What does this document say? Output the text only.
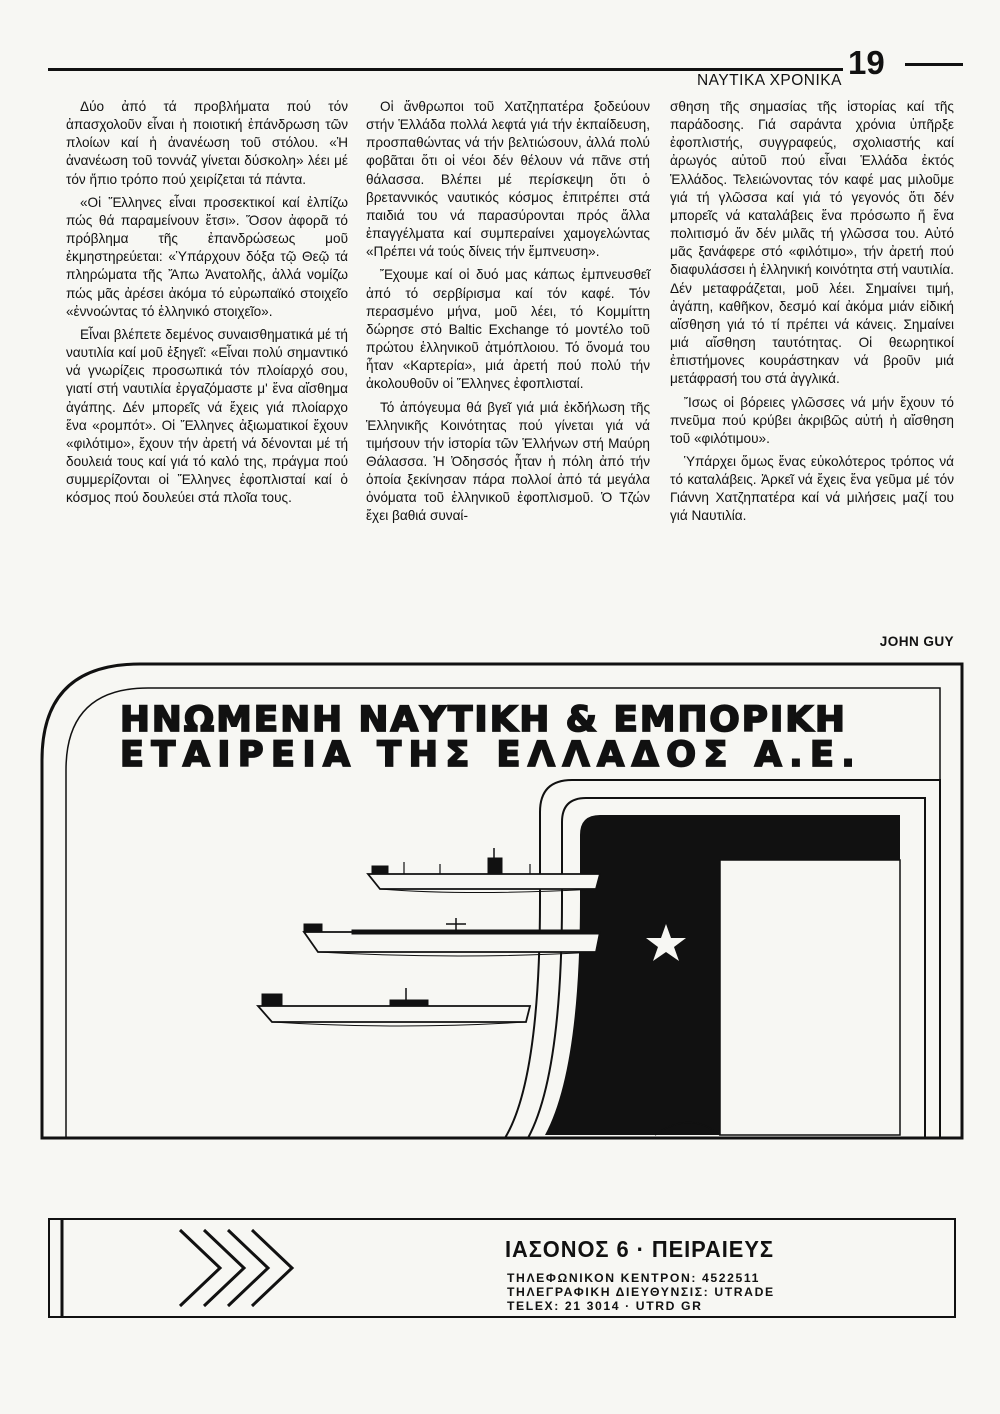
ΝΑΥΤΙΚΑ ΧΡΟΝΙΚΑ 19

Δύο ἀπό τά προβλήματα πού τόν ἀπασχολοῦν εἶναι ἡ ποιοτική ἐπάνδρωση τῶν πλοίων καί ἡ ἀνανέωση τοῦ στόλου. «Ἡ ἀνανέωση τοῦ τοννάζ γίνεται δύσκολη» λέει μέ τόν ἤπιο τρόπο πού χειρίζεται τά πάντα.

«Οἱ Ἕλληνες εἶναι προσεκτικοί καί ἐλπίζω πώς θά παραμείνουν ἔτσι». Ὅσον ἀφορᾶ τό πρόβλημα τῆς ἐπανδρώσεως μοῦ ἐκμηστηρεύεται: «Ὑπάρχουν δόξα τῷ Θεῷ τά πληρώματα τῆς Ἄπω Ἀνατολῆς, ἀλλά νομίζω πώς μᾶς ἀρέσει ἀκόμα τό εὐρωπαϊκό στοιχεῖο «ἐννοώντας τό ἑλληνικό στοιχεῖο».

Εἶναι βλέπετε δεμένος συναισθηματικά μέ τή ναυτιλία καί μοῦ ἐξηγεῖ: «Εἶναι πολύ σημαντικό νά γνωρίζεις προσωπικά τόν πλοίαρχό σου, γιατί στή ναυτιλία ἐργαζόμαστε μ' ἕνα αἴσθημα ἀγάπης. Δέν μπορεῖς νά ἔχεις γιά πλοίαρχο ἕνα «ρομπότ». Οἱ Ἕλληνες ἀξιωματικοί ἔχουν «φιλότιμο», ἔχουν τήν ἀρετή νά δένονται μέ τή δουλειά τους καί γιά τό καλό της, πράγμα πού συμμερίζονται οἱ Ἕλληνες ἐφοπλισταί καί ὁ κόσμος πού δουλεύει στά πλοῖα τους.

Οἱ ἄνθρωποι τοῦ Χατζηπατέρα ξοδεύουν στήν Ἑλλάδα πολλά λεφτά γιά τήν ἐκπαίδευση, προσπαθώντας νά τήν βελτιώσουν, ἀλλά πολύ φοβᾶται ὅτι οἱ νέοι δέν θέλουν νά πᾶνε στή θάλασσα. Βλέπει μέ περίσκεψη ὅτι ὁ βρεταννικός ναυτικός κόσμος ἐπιτρέπει στά παιδιά του νά παρασύρονται πρός ἄλλα ἐπαγγέλματα καί συμπεραίνει χαμογελώντας «Πρέπει νά τούς δίνεις τήν ἔμπνευση».

Ἔχουμε καί οἱ δυό μας κάπως ἐμπνευσθεῖ ἀπό τό σερβίρισμα καί τόν καφέ. Τόν περασμένο μήνα, μοῦ λέει, τό Κομμίττη δώρησε στό Baltic Exchange τό μοντέλο τοῦ πρώτου ἑλληνικοῦ ἀτμόπλοιου. Τό ὄνομά του ἦταν «Καρτερία», μιά ἀρετή πού πολύ τήν ἀκολουθοῦν οἱ Ἕλληνες ἐφοπλισταί.

Τό ἀπόγευμα θά βγεῖ γιά μιά ἐκδήλωση τῆς Ἑλληνικῆς Κοινότητας πού γίνεται γιά νά τιμήσουν τήν ἱστορία τῶν Ἑλλήνων στή Μαύρη Θάλασσα. Ἡ Ὀδησσός ἦταν ἡ πόλη ἀπό τήν ὁποία ξεκίνησαν πάρα πολλοί ἀπό τά μεγάλα ὀνόματα τοῦ ἑλληνικοῦ ἐφοπλισμοῦ. Ὁ Τζών ἔχει βαθιά συναί-

σθηση τῆς σημασίας τῆς ἱστορίας καί τῆς παράδοσης. Γιά σαράντα χρόνια ὑπῆρξε ἐφοπλιστής, συγγραφεύς, σχολιαστής καί ἀρωγός αὐτοῦ πού εἶναι Ἑλλάδα ἐκτός Ἑλλάδος. Τελειώνοντας τόν καφέ μας μιλοῦμε γιά τή γλῶσσα καί γιά τό γεγονός ὅτι δέν μπορεῖς νά καταλάβεις ἕνα πρόσωπο ἤ ἕνα πολιτισμό ἄν δέν μιλᾶς τή γλῶσσα του. Αὐτό μᾶς ξανάφερε στό «φιλότιμο», τήν ἀρετή πού διαφυλάσσει ἡ ἑλληνική κοινότητα στή ναυτιλία. Δέν μεταφράζεται, μοῦ λέει. Σημαίνει τιμή, ἀγάπη, καθῆκον, δεσμό καί ἀκόμα μιάν εἰδική αἴσθηση γιά τό τί πρέπει νά κάνεις. Σημαίνει μιά αἴσθηση ταυτότητας. Οἱ θεωρητικοί ἐπιστήμονες κουράστηκαν νά βροῦν μιά μετάφρασή του στά ἀγγλικά.

Ἴσως οἱ βόρειες γλῶσσες νά μήν ἔχουν τό πνεῦμα πού κρύβει ἀκριβῶς αὐτή ἡ αἴσθηση τοῦ «φιλότιμου».

Ὑπάρχει ὅμως ἕνας εὐκολότερος τρόπος νά τό καταλάβεις. Ἀρκεῖ νά ἔχεις ἕνα γεῦμα μέ τόν Γιάννη Χατζηπατέρα καί νά μιλήσεις μαζί του γιά Ναυτιλία.

JOHN GUY
ΗΝΩΜΕΝΗ ΝΑΥΤΙΚΗ & ΕΜΠΟΡΙΚΗ
ΕΤΑΙΡΕΙΑ ΤΗΣ ΕΛΛΑΔΟΣ Α.Ε.
ΙΑΣΟΝΟΣ 6 · ΠΕΙΡΑΙΕΥΣ
ΤΗΛΕΦΩΝΙΚΟΝ ΚΕΝΤΡΟΝ: 4522511
ΤΗΛΕΓΡΑΦΙΚΗ ΔΙΕΥΘΥΝΣΙΣ: UTRADE
TELEX: 21 3014 · UTRD GR
